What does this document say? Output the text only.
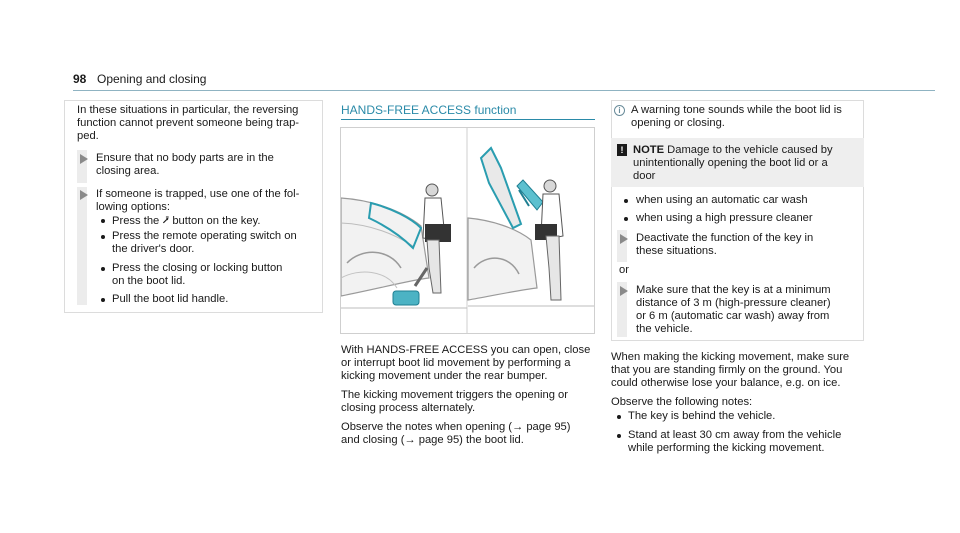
98 Opening and closing
In these situations in particular, the reversing
function cannot prevent someone being trap-
ped.
Ensure that no body parts are in the
closing area.
If someone is trapped, use one of the fol-
lowing options:
Press the ⭷ button on the key.
Press the remote operating switch on
the driver's door.
Press the closing or locking button
on the boot lid.
Pull the boot lid handle.
HANDS-FREE ACCESS function
With HANDS-FREE ACCESS you can open, close
or interrupt boot lid movement by performing a
kicking movement under the rear bumper.
The kicking movement triggers the opening or
closing process alternately.
Observe the notes when opening (→ page 95)
and closing (→ page 95) the boot lid.
i A warning tone sounds while the boot lid is
opening or closing.
! NOTE Damage to the vehicle caused by
unintentionally opening the boot lid or a
door
when using an automatic car wash
when using a high pressure cleaner
Deactivate the function of the key in
these situations.
or
Make sure that the key is at a minimum
distance of 3 m (high-pressure cleaner)
or 6 m (automatic car wash) away from
the vehicle.
When making the kicking movement, make sure
that you are standing firmly on the ground. You
could otherwise lose your balance, e.g. on ice.
Observe the following notes:
The key is behind the vehicle.
Stand at least 30 cm away from the vehicle
while performing the kicking movement.
